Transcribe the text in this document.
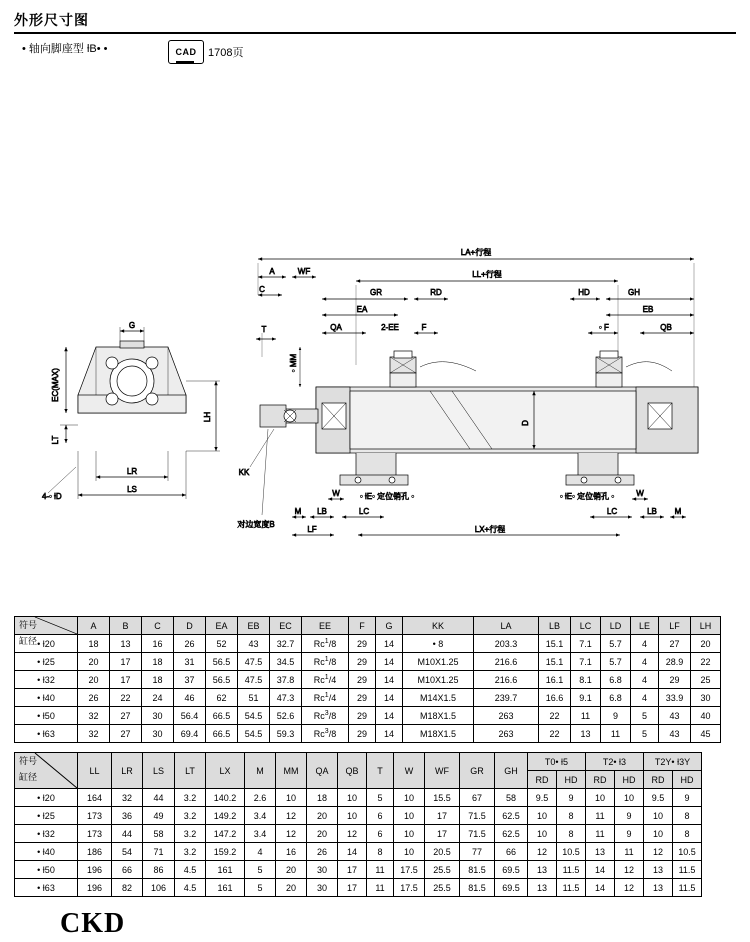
外形尺寸图
• 轴向脚座型 ƚB• •	CAD	1708页
G
EC(MAX)
LT
LH
LR
LS
4-• ƚD
LA+行程
LL+行程
A	WF
C	GR	RD
EA
QA	2-EE	F
HD	GH
EB
• F	QB
T
• MM
KK
对边宽度B
D
• ƚE• 定位销孔 •	• ƚE• 定位销孔 •
W	W
M LB	LC	LC	LB M
LF	LX+行程
符号
缸径	A	B	C	D	EA	EB	EC	EE	F	G	KK	LA	LB	LC	LD	LE	LF	LH

• ƚ20	18	13	16	26	52	43	32.7	Rc$^1$/8	29	14	• 8	203.3	15.1	7.1	5.7	4	27	20
• ƚ25	20	17	18	31	56.5	47.5	34.5	Rc$^1$/8	29	14	M10X1.25	216.6	15.1	7.1	5.7	4	28.9	22
• ƚ32	20	17	18	37	56.5	47.5	37.8	Rc$^1$/4	29	14	M10X1.25	216.6	16.1	8.1	6.8	4	29	25
• ƚ40	26	22	24	46	62	51	47.3	Rc$^1$/4	29	14	M14X1.5	239.7	16.6	9.1	6.8	4	33.9	30
• ƚ50	32	27	30	56.4	66.5	54.5	52.6	Rc$^3$/8	29	14	M18X1.5	263	22	11	9	5	43	40
• ƚ63	32	27	30	69.4	66.5	54.5	59.3	Rc$^3$/8	29	14	M18X1.5	263	22	13	11	5	43	45
符号
缸径	LL	LR	LS	LT	LX	M	MM	QA	QB	T	W	WF	GR	GH	T0• ƚ5		T2• ƚ3		T2Y• ƚ3Y	
															RD	HD	RD	HD	RD	HD
• ƚ20	164	32	44	3.2	140.2	2.6	10	18	10	5	10	15.5	67	58	9.5	9	10	10	9.5	9
• ƚ25	173	36	49	3.2	149.2	3.4	12	20	10	6	10	17	71.5	62.5	10	8	11	9	10	8
• ƚ32	173	44	58	3.2	147.2	3.4	12	20	12	6	10	17	71.5	62.5	10	8	11	9	10	8
• ƚ40	186	54	71	3.2	159.2	4	16	26	14	8	10	20.5	77	66	12	10.5	13	11	12	10.5
• ƚ50	196	66	86	4.5	161	5	20	30	17	11	17.5	25.5	81.5	69.5	13	11.5	14	12	13	11.5
• ƚ63	196	82	106	4.5	161	5	20	30	17	11	17.5	25.5	81.5	69.5	13	11.5	14	12	13	11.5
CKD
